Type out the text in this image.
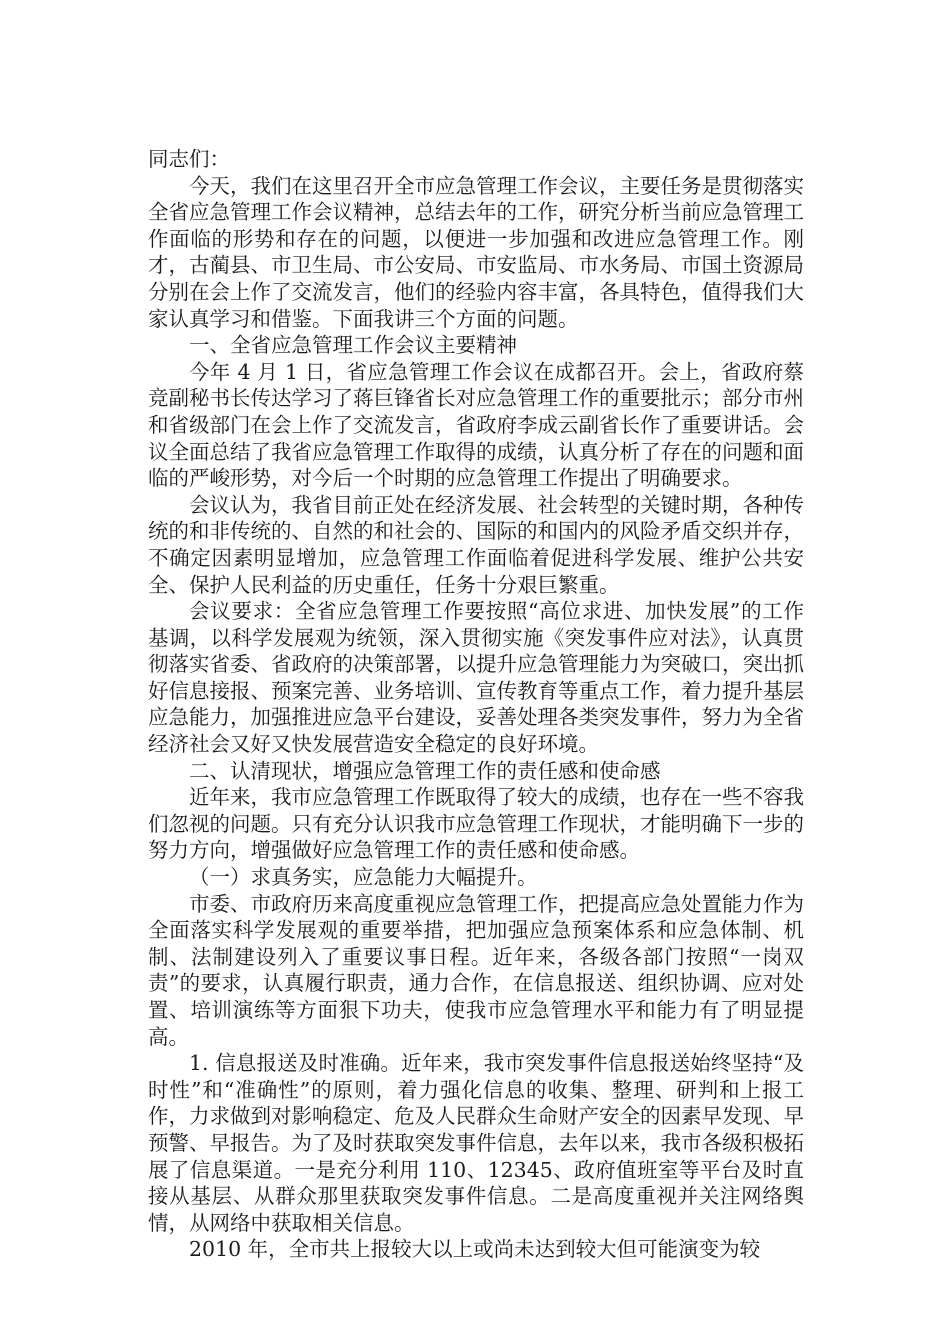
同志们：

今天，我们在这里召开全市应急管理工作会议，主要任务是贯彻落实全省应急管理工作会议精神，总结去年的工作，研究分析当前应急管理工作面临的形势和存在的问题，以便进一步加强和改进应急管理工作。刚才，古蔺县、市卫生局、市公安局、市安监局、市水务局、市国土资源局分别在会上作了交流发言，他们的经验内容丰富，各具特色，值得我们大家认真学习和借鉴。下面我讲三个方面的问题。

一、全省应急管理工作会议主要精神

今年 4 月 1 日，省应急管理工作会议在成都召开。会上，省政府蔡竞副秘书长传达学习了蒋巨锋省长对应急管理工作的重要批示；部分市州和省级部门在会上作了交流发言，省政府李成云副省长作了重要讲话。会议全面总结了我省应急管理工作取得的成绩，认真分析了存在的问题和面临的严峻形势，对今后一个时期的应急管理工作提出了明确要求。

会议认为，我省目前正处在经济发展、社会转型的关键时期，各种传统的和非传统的、自然的和社会的、国际的和国内的风险矛盾交织并存，不确定因素明显增加，应急管理工作面临着促进科学发展、维护公共安全、保护人民利益的历史重任，任务十分艰巨繁重。

会议要求：全省应急管理工作要按照“高位求进、加快发展”的工作基调，以科学发展观为统领，深入贯彻实施《突发事件应对法》，认真贯彻落实省委、省政府的决策部署，以提升应急管理能力为突破口，突出抓好信息接报、预案完善、业务培训、宣传教育等重点工作，着力提升基层应急能力，加强推进应急平台建设，妥善处理各类突发事件，努力为全省经济社会又好又快发展营造安全稳定的良好环境。

二、认清现状，增强应急管理工作的责任感和使命感

近年来，我市应急管理工作既取得了较大的成绩，也存在一些不容我们忽视的问题。只有充分认识我市应急管理工作现状，才能明确下一步的努力方向，增强做好应急管理工作的责任感和使命感。

（一）求真务实，应急能力大幅提升。

市委、市政府历来高度重视应急管理工作，把提高应急处置能力作为全面落实科学发展观的重要举措，把加强应急预案体系和应急体制、机制、法制建设列入了重要议事日程。近年来，各级各部门按照“一岗双责”的要求，认真履行职责，通力合作，在信息报送、组织协调、应对处置、培训演练等方面狠下功夫，使我市应急管理水平和能力有了明显提高。

1. 信息报送及时准确。近年来，我市突发事件信息报送始终坚持“及时性”和“准确性”的原则，着力强化信息的收集、整理、研判和上报工作，力求做到对影响稳定、危及人民群众生命财产安全的因素早发现、早预警、早报告。为了及时获取突发事件信息，去年以来，我市各级积极拓展了信息渠道。一是充分利用 110、12345、政府值班室等平台及时直接从基层、从群众那里获取突发事件信息。二是高度重视并关注网络舆情，从网络中获取相关信息。

2010 年，全市共上报较大以上或尚未达到较大但可能演变为较
